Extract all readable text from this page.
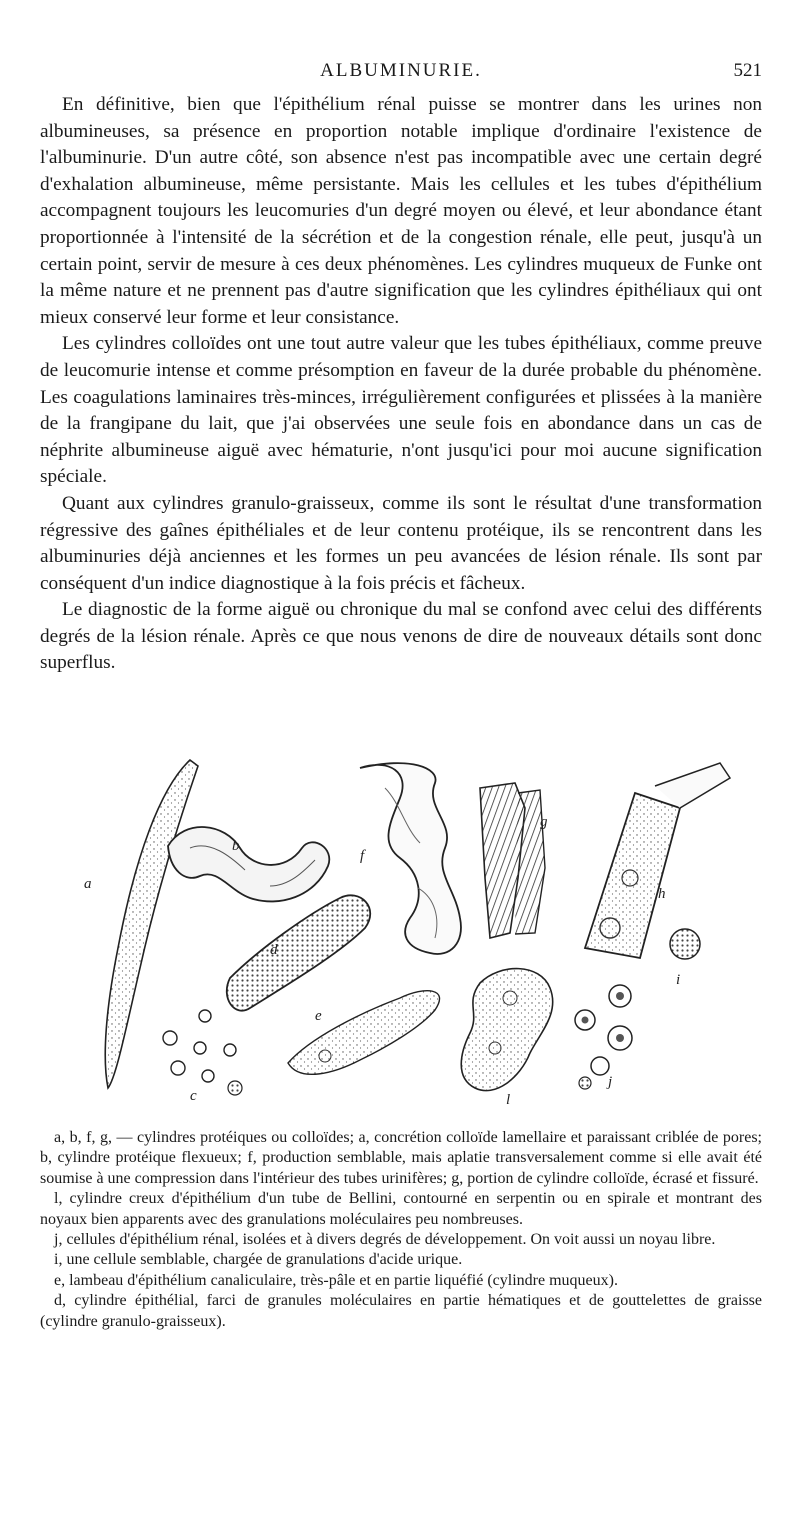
ALBUMINURIE.	521

En définitive, bien que l'épithélium rénal puisse se montrer dans les urines non albumineuses, sa présence en proportion notable implique d'ordinaire l'existence de l'albuminurie. D'un autre côté, son absence n'est pas incompatible avec une certain degré d'exhalation albumineuse, même persistante. Mais les cellules et les tubes d'épithélium accompagnent toujours les leucomuries d'un degré moyen ou élevé, et leur abondance étant proportionnée à l'intensité de la sécrétion et de la congestion rénale, elle peut, jusqu'à un certain point, servir de mesure à ces deux phénomènes. Les cylindres muqueux de Funke ont la même nature et ne prennent pas d'autre signification que les cylindres épithéliaux qui ont mieux conservé leur forme et leur consistance.

Les cylindres colloïdes ont une tout autre valeur que les tubes épithéliaux, comme preuve de leucomurie intense et comme présomption en faveur de la durée probable du phénomène. Les coagulations laminaires très-minces, irrégulièrement configurées et plissées à la manière de la frangipane du lait, que j'ai observées une seule fois en abondance dans un cas de néphrite albumineuse aiguë avec hématurie, n'ont jusqu'ici pour moi aucune signification spéciale.

Quant aux cylindres granulo-graisseux, comme ils sont le résultat d'une transformation régressive des gaînes épithéliales et de leur contenu protéique, ils se rencontrent dans les albuminuries déjà anciennes et les formes un peu avancées de lésion rénale. Ils sont par conséquent d'un indice diagnostique à la fois précis et fâcheux.

Le diagnostic de la forme aiguë ou chronique du mal se confond avec celui des différents degrés de la lésion rénale. Après ce que nous venons de dire de nouveaux détails sont donc superflus.

a
b
f
g
h
i
d
e
l
c
j

a, b, f, g, — cylindres protéiques ou colloïdes; a, concrétion colloïde lamellaire et paraissant criblée de pores; b, cylindre protéique flexueux; f, production semblable, mais aplatie transversalement comme si elle avait été soumise à une compression dans l'intérieur des tubes urinifères; g, portion de cylindre colloïde, écrasé et fissuré.

l, cylindre creux d'épithélium d'un tube de Bellini, contourné en serpentin ou en spirale et montrant des noyaux bien apparents avec des granulations moléculaires peu nombreuses.

j, cellules d'épithélium rénal, isolées et à divers degrés de développement. On voit aussi un noyau libre.

i, une cellule semblable, chargée de granulations d'acide urique.

e, lambeau d'épithélium canaliculaire, très-pâle et en partie liquéfié (cylindre muqueux).

d, cylindre épithélial, farci de granules moléculaires en partie hématiques et de gouttelettes de graisse (cylindre granulo-graisseux).
